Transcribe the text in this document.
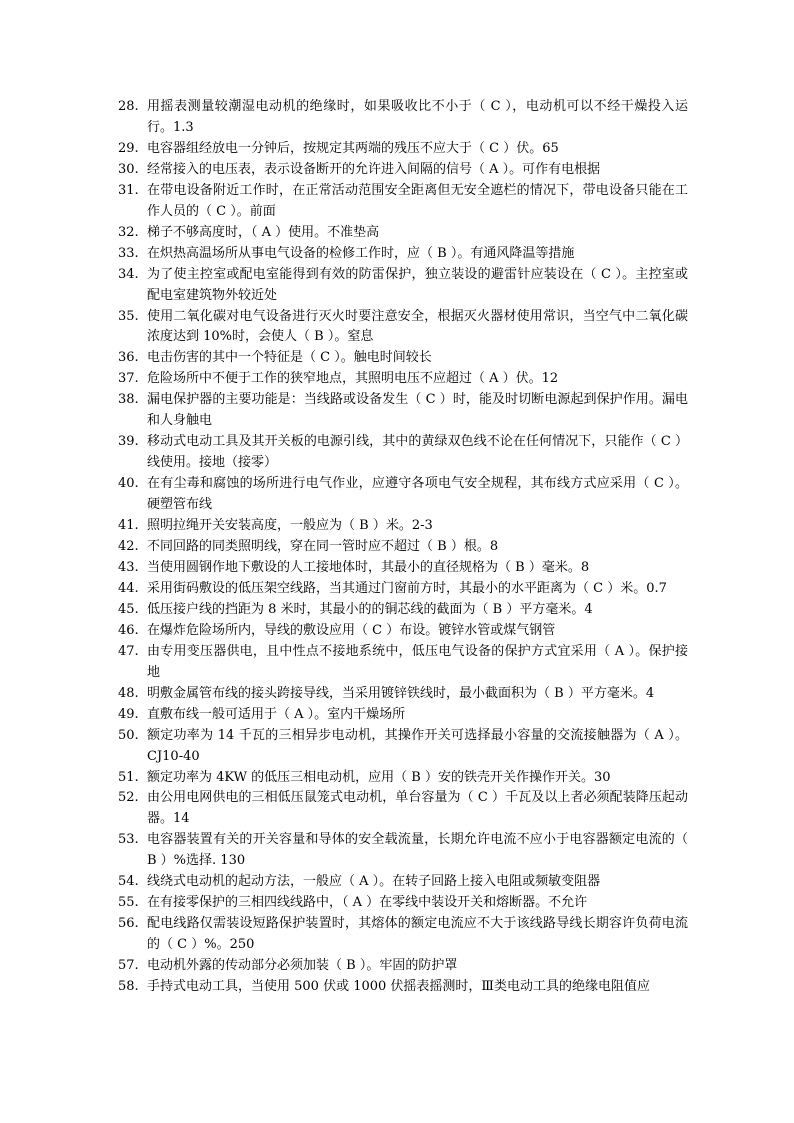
28. 用摇表测量较潮湿电动机的绝缘时，如果吸收比不小于（ C ），电动机可以不经干燥投入运行。1.3
29. 电容器组经放电一分钟后，按规定其两端的残压不应大于（ C ）伏。65
30. 经常接入的电压表，表示设备断开的允许进入间隔的信号（ A ）。可作有电根据
31. 在带电设备附近工作时，在正常活动范围安全距离但无安全遮栏的情况下，带电设备只能在工作人员的（ C ）。前面
32. 梯子不够高度时，（ A ）使用。不准垫高
33. 在炽热高温场所从事电气设备的检修工作时，应（ B ）。有通风降温等措施
34. 为了使主控室或配电室能得到有效的防雷保护，独立装设的避雷针应装设在（ C ）。主控室或配电室建筑物外较近处
35. 使用二氧化碳对电气设备进行灭火时要注意安全，根据灭火器材使用常识，当空气中二氧化碳浓度达到 10%时，会使人（ B ）。窒息
36. 电击伤害的其中一个特征是（ C ）。触电时间较长
37. 危险场所中不便于工作的狭窄地点，其照明电压不应超过（ A ）伏。12
38. 漏电保护器的主要功能是：当线路或设备发生（ C ）时，能及时切断电源起到保护作用。漏电和人身触电
39. 移动式电动工具及其开关板的电源引线，其中的黄绿双色线不论在任何情况下，只能作（ C ）线使用。接地（接零）
40. 在有尘毒和腐蚀的场所进行电气作业，应遵守各项电气安全规程，其布线方式应采用（ C ）。硬塑管布线
41. 照明拉绳开关安装高度，一般应为（ B ）米。2-3
42. 不同回路的同类照明线，穿在同一管时应不超过（ B ）根。8
43. 当使用圆钢作地下敷设的人工接地体时，其最小的直径规格为（ B ）毫米。8
44. 采用街码敷设的低压架空线路，当其通过门窗前方时，其最小的水平距离为（ C ）米。0.7
45. 低压接户线的挡距为 8 米时，其最小的的铜芯线的截面为（ B ）平方毫米。4
46. 在爆炸危险场所内，导线的敷设应用（ C ）布设。镀锌水管或煤气钢管
47. 由专用变压器供电，且中性点不接地系统中，低压电气设备的保护方式宜采用（ A ）。保护接地
48. 明敷金属管布线的接头跨接导线，当采用镀锌铁线时，最小截面积为（ B ）平方毫米。4
49. 直敷布线一般可适用于（ A ）。室内干燥场所
50. 额定功率为 14 千瓦的三相异步电动机，其操作开关可选择最小容量的交流接触器为（ A ）。CJ10-40
51. 额定功率为 4KW 的低压三相电动机，应用（ B ）安的铁壳开关作操作开关。30
52. 由公用电网供电的三相低压鼠笼式电动机，单台容量为（ C ）千瓦及以上者必须配装降压起动器。14
53. 电容器装置有关的开关容量和导体的安全载流量，长期允许电流不应小于电容器额定电流的（ B ）%选择. 130
54. 线绕式电动机的起动方法，一般应（ A ）。在转子回路上接入电阻或频敏变阻器
55. 在有接零保护的三相四线线路中，（ A ）在零线中装设开关和熔断器。不允许
56. 配电线路仅需装设短路保护装置时，其熔体的额定电流应不大于该线路导线长期容许负荷电流的（ C ）%。250
57. 电动机外露的传动部分必须加装（ B ）。牢固的防护罩
58. 手持式电动工具，当使用 500 伏或 1000 伏摇表摇测时，Ⅲ类电动工具的绝缘电阻值应
